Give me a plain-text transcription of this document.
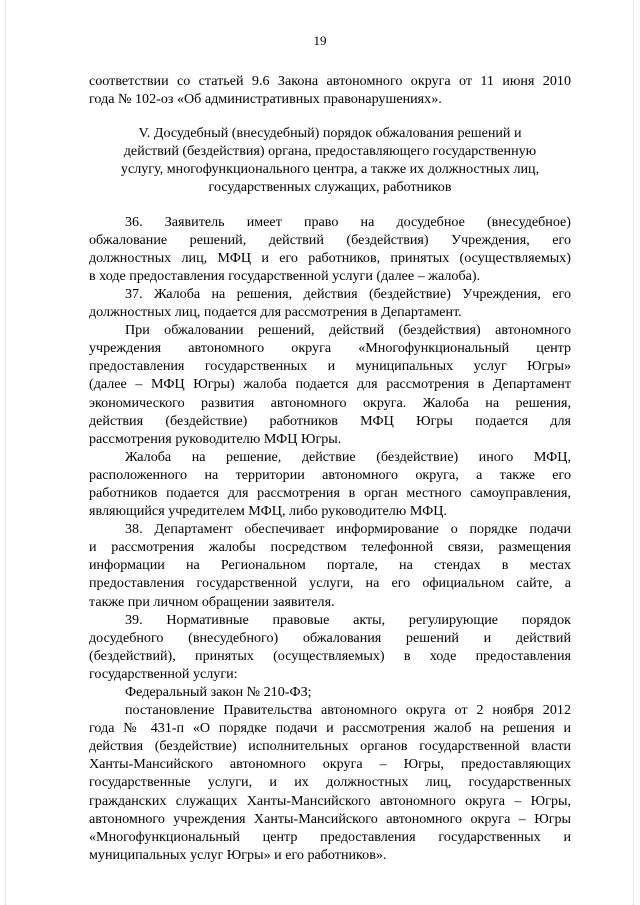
19
соответствии со статьей 9.6 Закона автономного округа от 11 июня 2010
года № 102-оз «Об административных правонарушениях».
V. Досудебный (внесудебный) порядок обжалования решений и
действий (бездействия) органа, предоставляющего государственную
услугу, многофункционального центра, а также их должностных лиц,
государственных служащих, работников
36. Заявитель имеет право на досудебное (внесудебное)
обжалование решений, действий (бездействия) Учреждения, его
должностных лиц, МФЦ и его работников, принятых (осуществляемых)
в ходе предоставления государственной услуги (далее – жалоба).
37. Жалоба на решения, действия (бездействие) Учреждения, его
должностных лиц, подается для рассмотрения в Департамент.
При обжаловании решений, действий (бездействия) автономного
учреждения автономного округа «Многофункциональный центр
предоставления государственных и муниципальных услуг Югры»
(далее – МФЦ Югры) жалоба подается для рассмотрения в Департамент
экономического развития автономного округа. Жалоба на решения,
действия (бездействие) работников МФЦ Югры подается для
рассмотрения руководителю МФЦ Югры.
Жалоба на решение, действие (бездействие) иного МФЦ,
расположенного на территории автономного округа, а также его
работников подается для рассмотрения в орган местного самоуправления,
являющийся учредителем МФЦ, либо руководителю МФЦ.
38. Департамент обеспечивает информирование о порядке подачи
и рассмотрения жалобы посредством телефонной связи, размещения
информации на Региональном портале, на стендах в местах
предоставления государственной услуги, на его официальном сайте, а
также при личном обращении заявителя.
39. Нормативные правовые акты, регулирующие порядок
досудебного (внесудебного) обжалования решений и действий
(бездействий), принятых (осуществляемых) в ходе предоставления
государственной услуги:
Федеральный закон № 210-ФЗ;
постановление Правительства автономного округа от 2 ноября 2012
года № 431-п «О порядке подачи и рассмотрения жалоб на решения и
действия (бездействие) исполнительных органов государственной власти
Ханты-Мансийского автономного округа – Югры, предоставляющих
государственные услуги, и их должностных лиц, государственных
гражданских служащих Ханты-Мансийского автономного округа – Югры,
автономного учреждения Ханты-Мансийского автономного округа – Югры
«Многофункциональный центр предоставления государственных и
муниципальных услуг Югры» и его работников».
